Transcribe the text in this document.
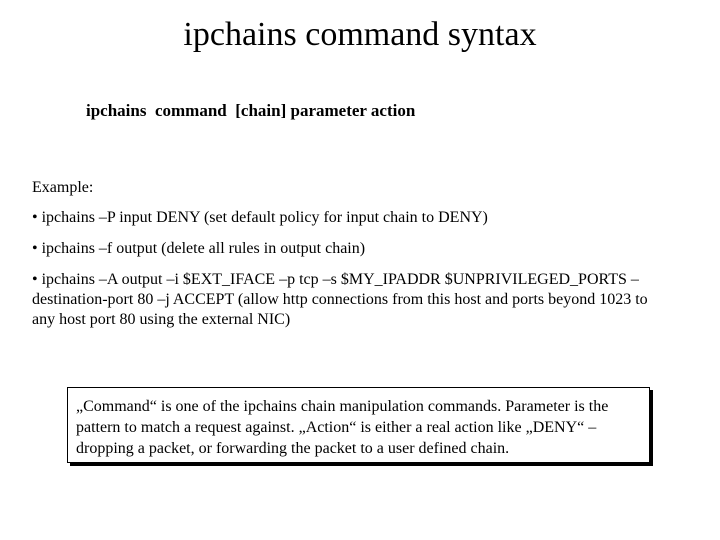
ipchains command syntax
ipchains  command  [chain] parameter action

Example:

• ipchains –P input DENY (set default policy for input chain to DENY)

• ipchains –f output (delete all rules in output chain)

• ipchains –A output –i $EXT_IFACE –p tcp –s $MY_IPADDR $UNPRIVILEGED_PORTS – destination-port 80 –j ACCEPT (allow http connections from this host and ports beyond 1023 to any host port 80 using the external NIC)

„Command“ is one of the ipchains chain manipulation commands. Parameter is the pattern to match a request against. „Action“ is either a real action like „DENY“ – dropping a packet, or forwarding the packet to a user defined chain.
